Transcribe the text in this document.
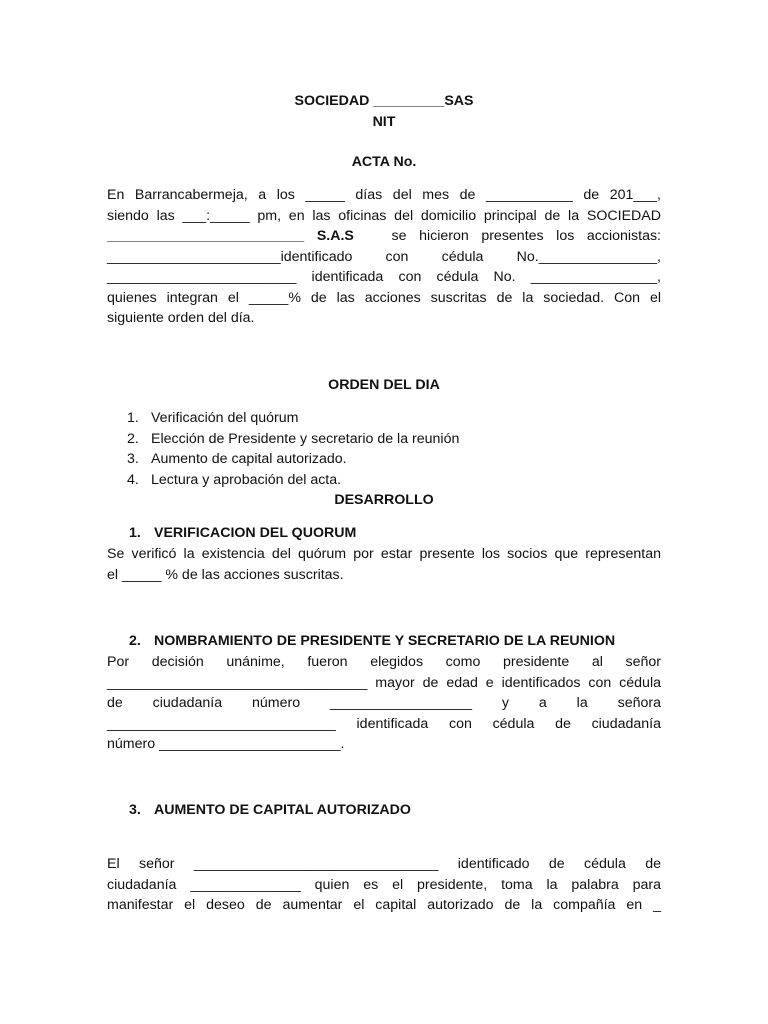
SOCIEDAD _________SAS
NIT
ACTA No.
En Barrancabermeja, a los _____ días del mes de ___________ de 201___,
siendo las ___:_____ pm, en las oficinas del domicilio principal de la SOCIEDAD
_________________________ S.A.S	se hicieron presentes los accionistas:
______________________identificado con cédula No._______________,
________________________ identificada con cédula No. ________________,
quienes integran el _____% de las acciones suscritas de la sociedad. Con el
siguiente orden del día.
ORDEN DEL DIA
1. Verificación del quórum
2. Elección de Presidente y secretario de la reunión
3. Aumento de capital autorizado.
4. Lectura y aprobación del acta.
DESARROLLO
1. VERIFICACION DEL QUORUM
Se verificó la existencia del quórum por estar presente los socios que representan
el _____ % de las acciones suscritas.
2. NOMBRAMIENTO DE PRESIDENTE Y SECRETARIO DE LA REUNION
Por decisión unánime, fueron elegidos como presidente al señor
_________________________________ mayor de edad e identificados con cédula
de ciudadanía número __________________ y a la señora
_____________________________ identificada con cédula de ciudadanía
número _______________________.
3. AUMENTO DE CAPITAL AUTORIZADO
El señor _______________________________ identificado de cédula de
ciudadanía ______________ quien es el presidente, toma la palabra para
manifestar el deseo de aumentar el capital autorizado de la compañía en _
